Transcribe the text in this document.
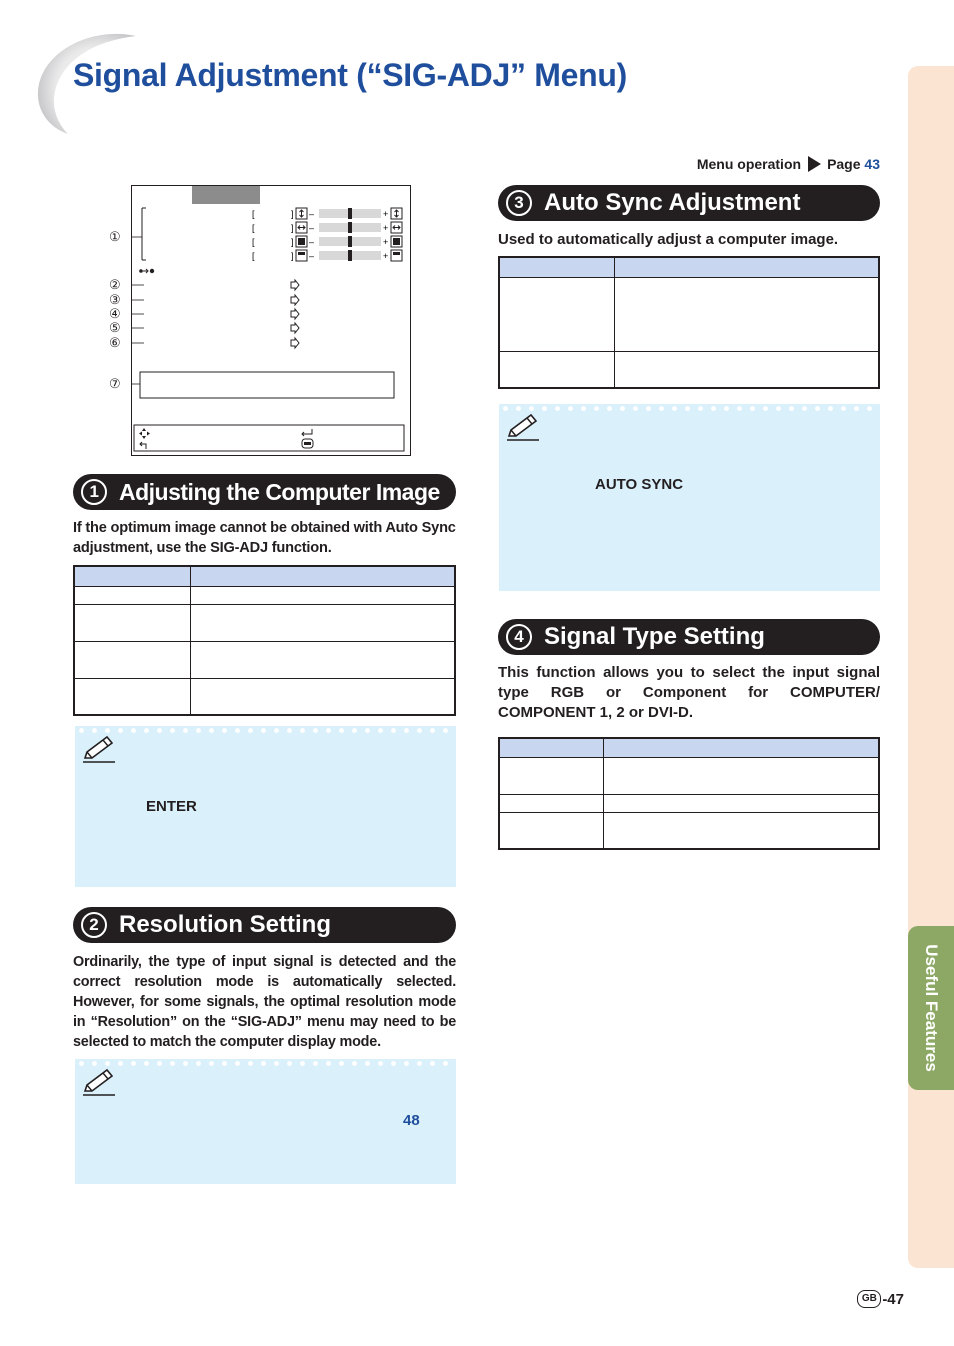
Signal Adjustment (“SIG-ADJ” Menu)
Useful Features
Menu operation Page 43
[	] –	+
[	] –	+
[	] –	+
[	] –	+
①
②
③
④
⑤
⑥
⑦
1 Adjusting the Computer Image
If the optimum image cannot be obtained with Auto Sync adjustment, use the SIG-ADJ function.

ENTER
2 Resolution Setting
Ordinarily, the type of input signal is detected and the correct resolution mode is automatically selected. However, for some signals, the optimal resolution mode in “Resolution” on the “SIG-ADJ” menu may need to be selected to match the computer display mode.
48
3 Auto Sync Adjustment
Used to automatically adjust a computer image.

AUTO SYNC
4 Signal Type Setting
This function allows you to select the input signal type RGB or Component for COMPUTER/ COMPONENT 1, 2 or DVI-D.

GB -47
